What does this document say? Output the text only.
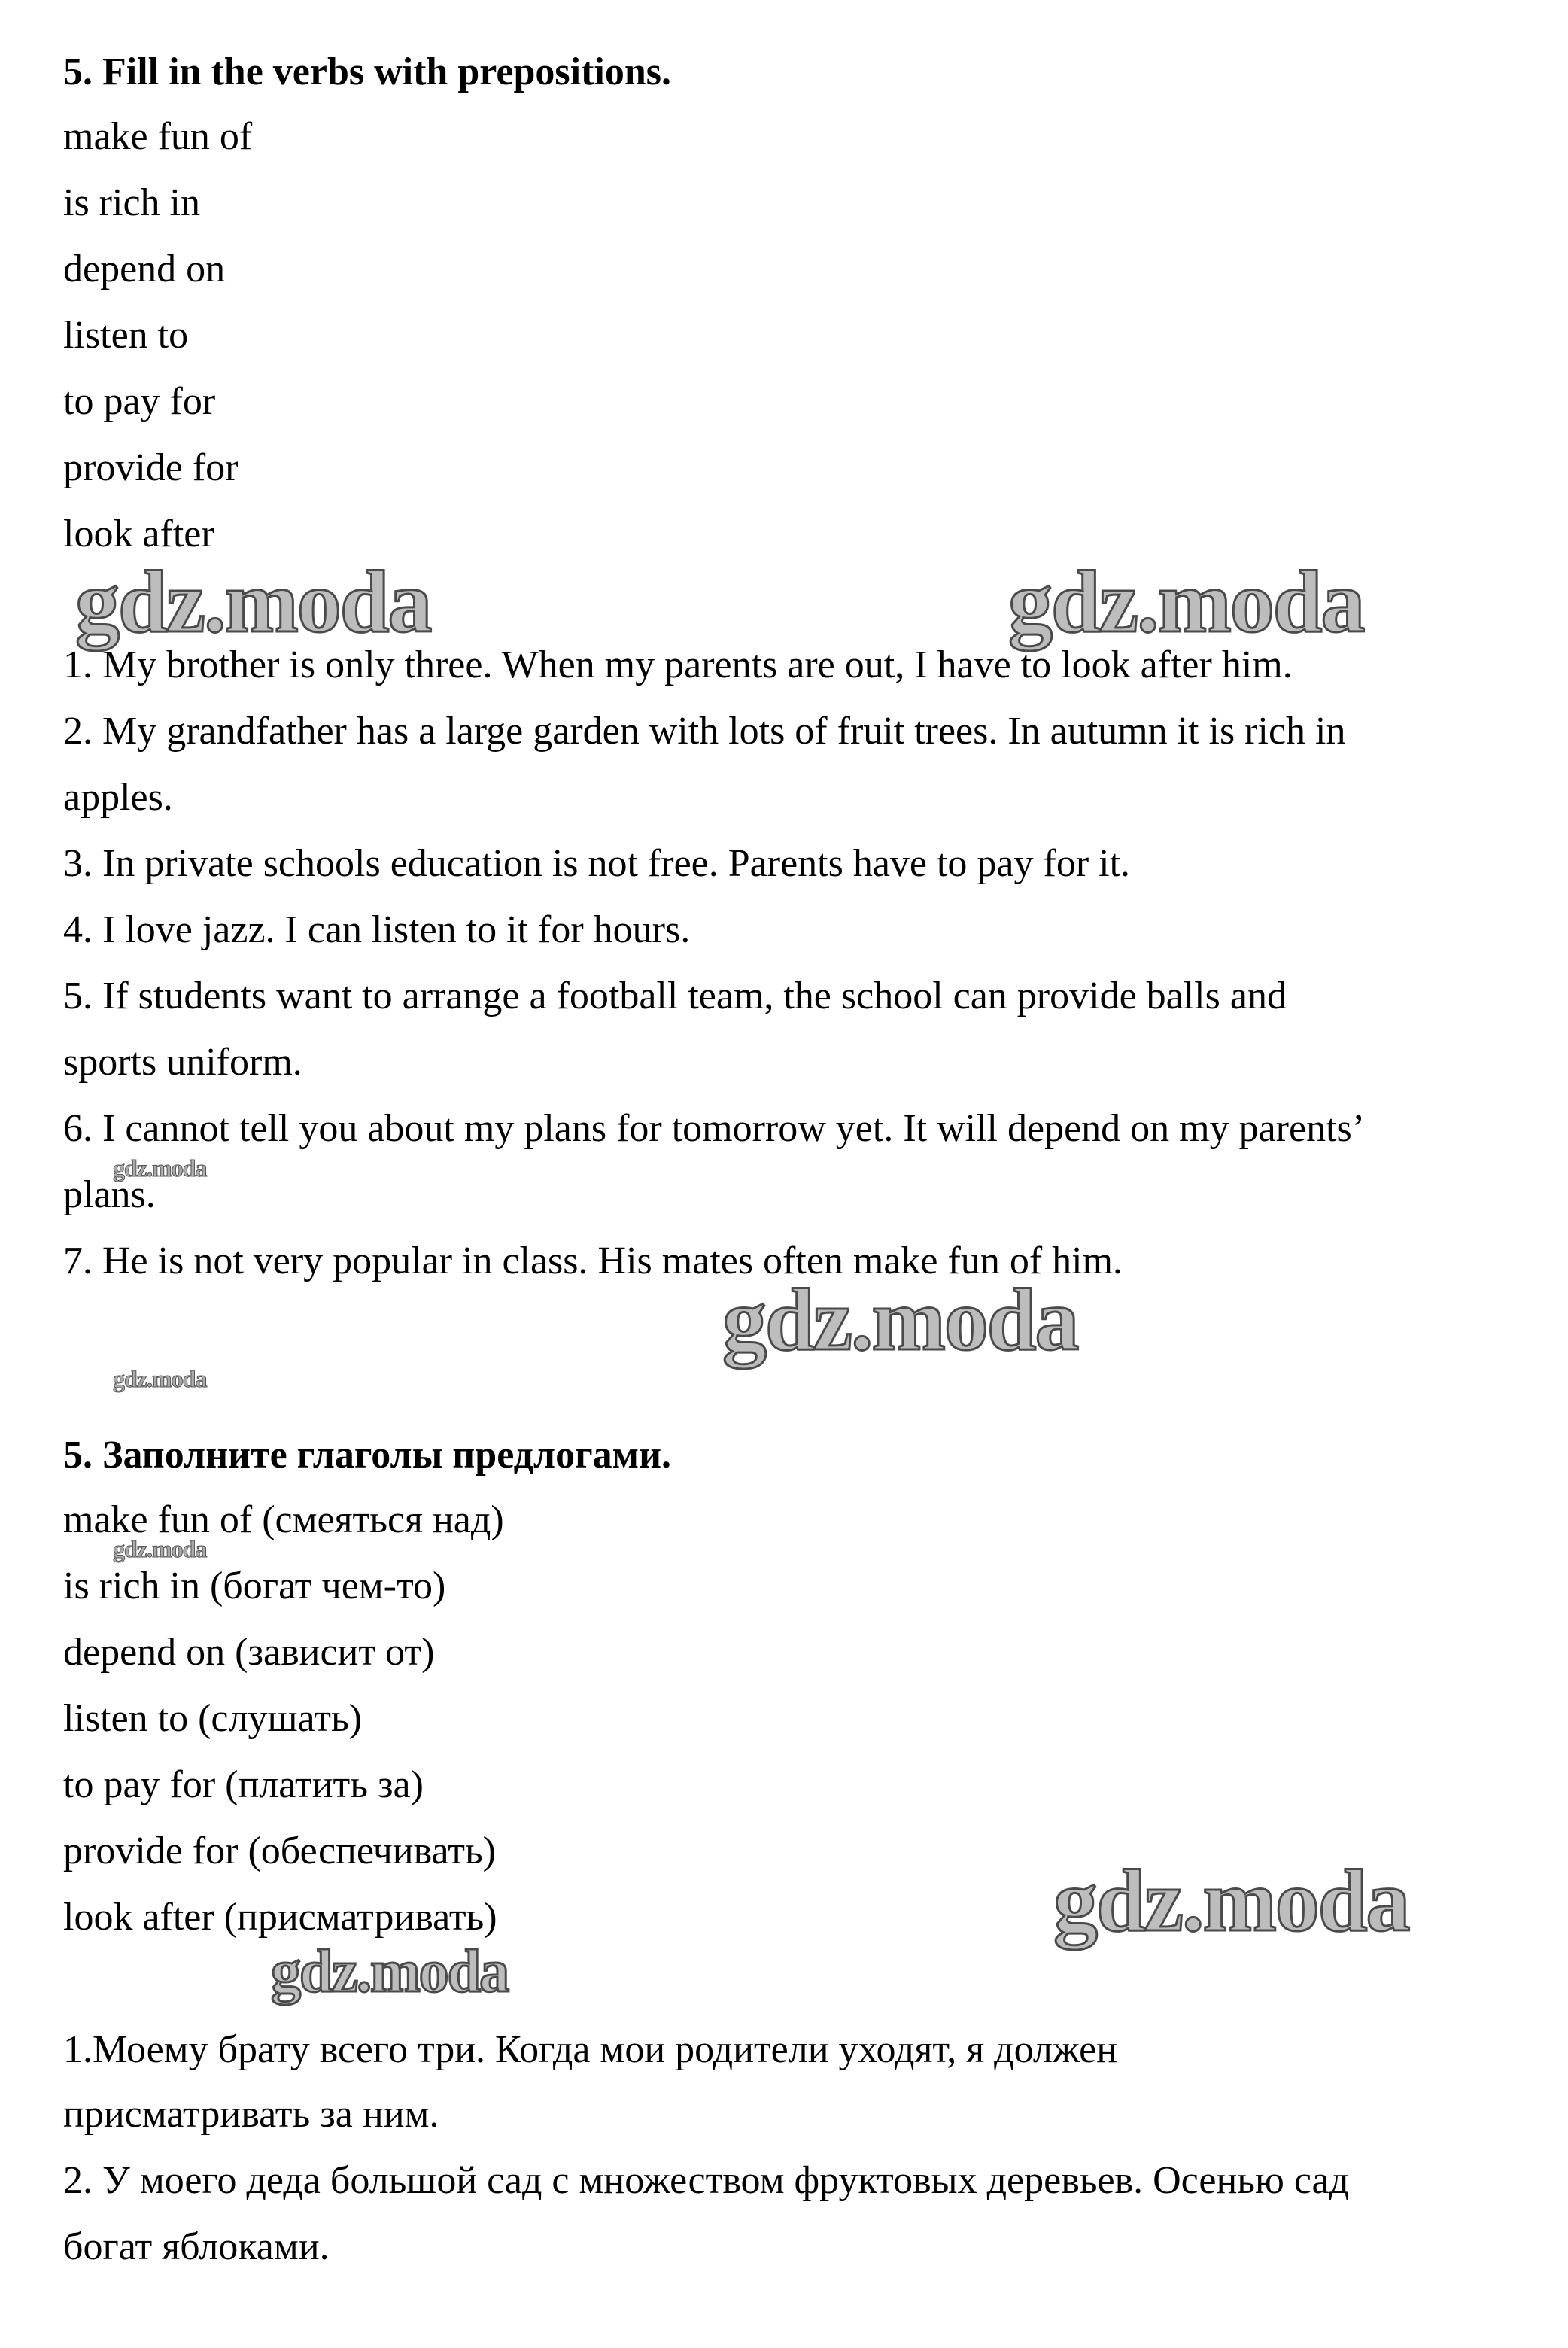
5. Fill in the verbs with prepositions.
make fun of
is rich in
depend on
listen to
to pay for
provide for
look after
1. My brother is only three. When my parents are out, I have to look after him.
2. My grandfather has a large garden with lots of fruit trees. In autumn it is rich in
apples.
3. In private schools education is not free. Parents have to pay for it.
4. I love jazz. I can listen to it for hours.
5. If students want to arrange a football team, the school can provide balls and
sports uniform.
6. I cannot tell you about my plans for tomorrow yet. It will depend on my parents’
plans.
7. He is not very popular in class. His mates often make fun of him.
5. Заполните глаголы предлогами.
make fun of (смеяться над)
is rich in (богат чем-то)
depend on (зависит от)
listen to (слушать)
to pay for (платить за)
provide for (обеспечивать)
look after (присматривать)
1.Моему брату всего три. Когда мои родители уходят, я должен
присматривать за ним.
2. У моего деда большой сад с множеством фруктовых деревьев. Осенью сад
богат яблоками.
gdz.moda	gdz.moda
gdz.moda
gdz.moda
gdz.moda
gdz.moda
gdz.moda
gdz.moda
